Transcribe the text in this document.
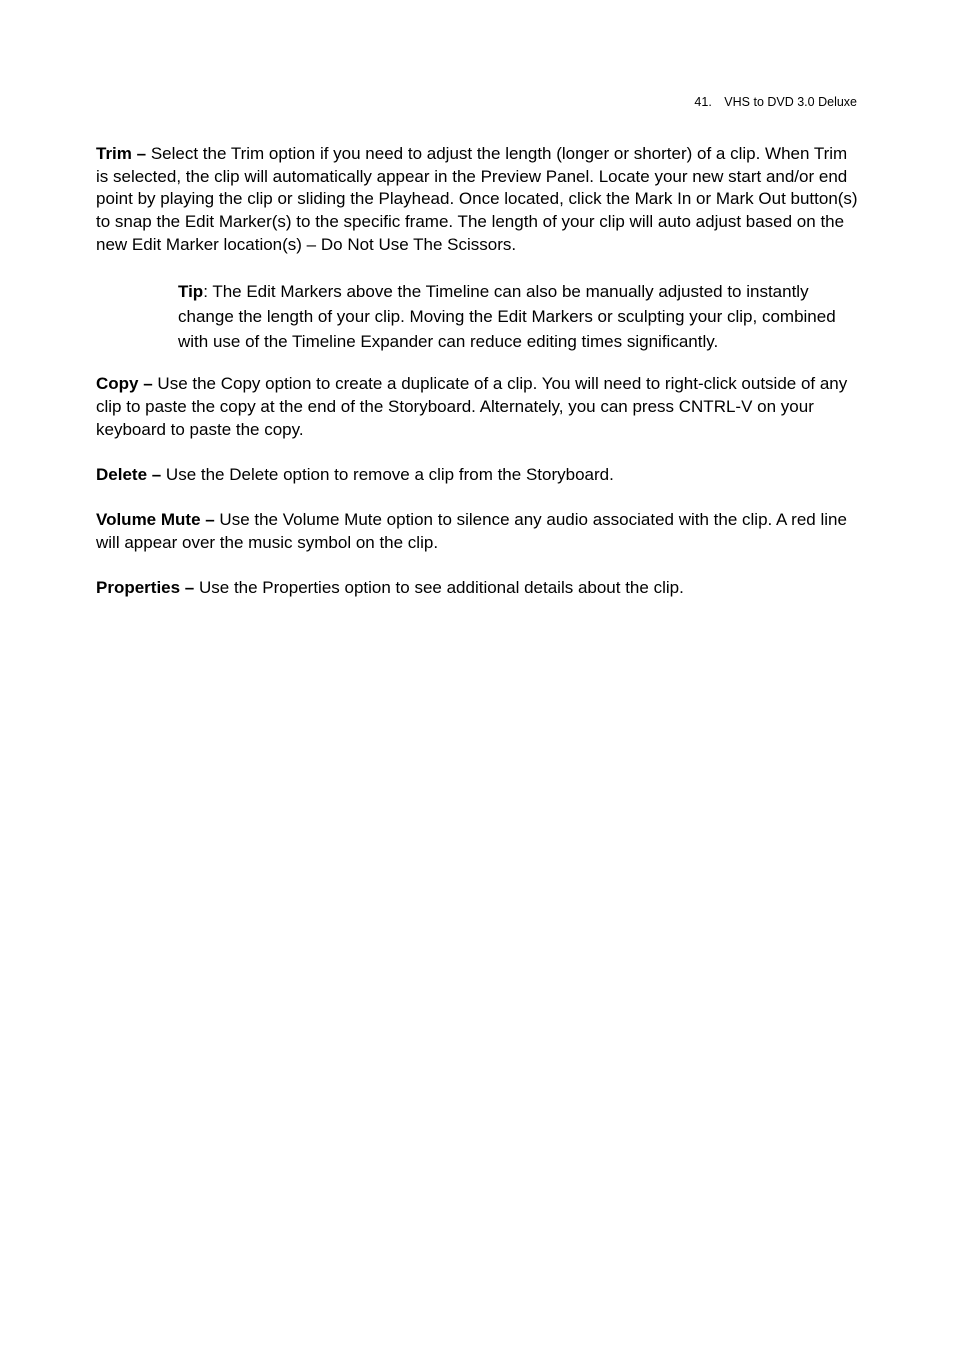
41. VHS to DVD 3.0 Deluxe

Trim – Select the Trim option if you need to adjust the length (longer or shorter) of a clip. When Trim is selected, the clip will automatically appear in the Preview Panel. Locate your new start and/or end point by playing the clip or sliding the Playhead. Once located, click the Mark In or Mark Out button(s) to snap the Edit Marker(s) to the specific frame. The length of your clip will auto adjust based on the new Edit Marker location(s) – Do Not Use The Scissors.

Tip: The Edit Markers above the Timeline can also be manually adjusted to instantly change the length of your clip. Moving the Edit Markers or sculpting your clip, combined with use of the Timeline Expander can reduce editing times significantly.

Copy – Use the Copy option to create a duplicate of a clip. You will need to right-click outside of any clip to paste the copy at the end of the Storyboard. Alternately, you can press CNTRL-V on your keyboard to paste the copy.

Delete – Use the Delete option to remove a clip from the Storyboard.

Volume Mute – Use the Volume Mute option to silence any audio associated with the clip. A red line will appear over the music symbol on the clip.

Properties – Use the Properties option to see additional details about the clip.
